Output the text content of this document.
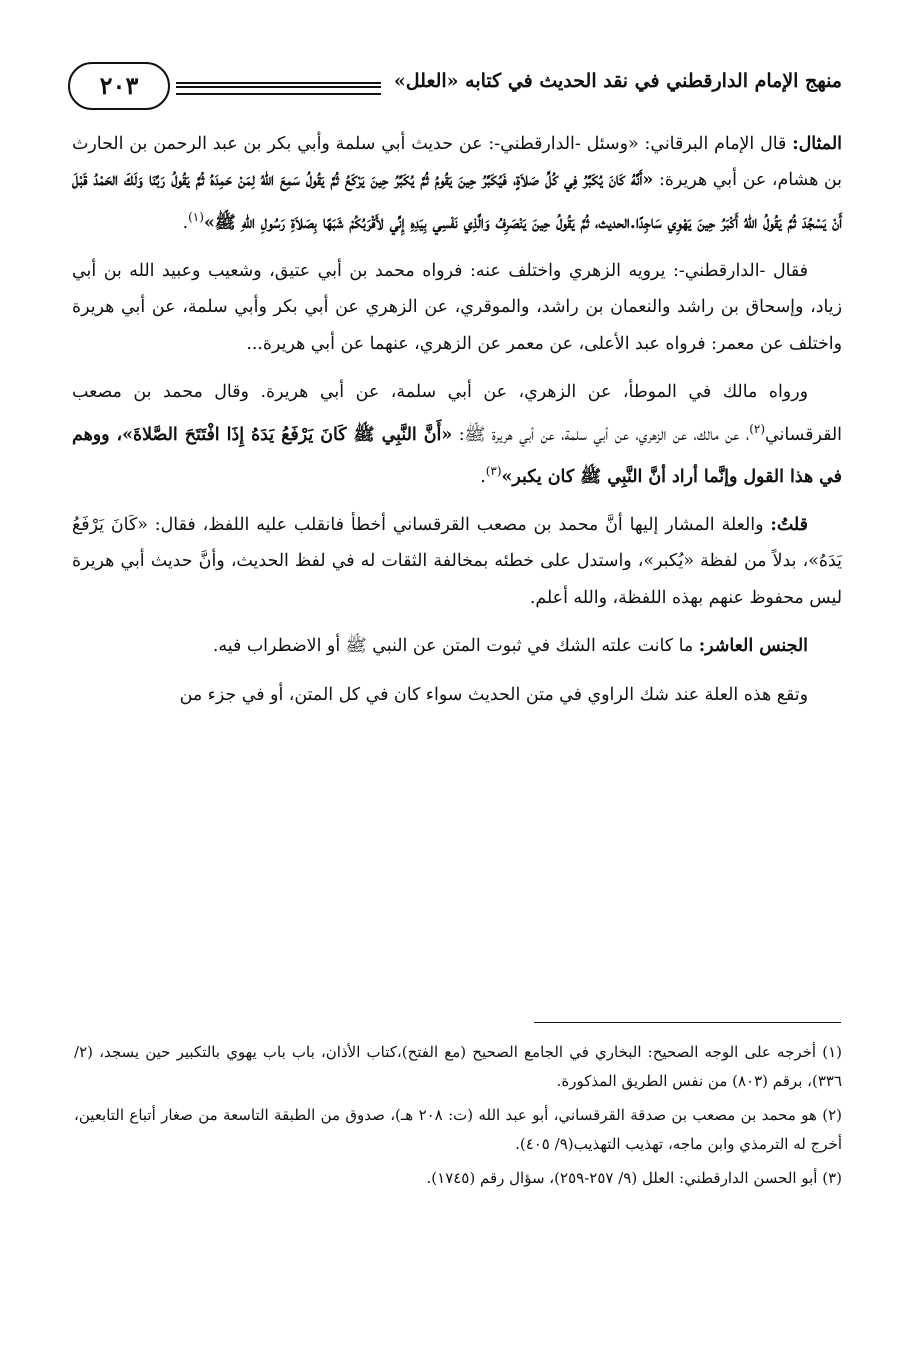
منهج الإمام الدارقطني في نقد الحديث في كتابه «العلل»
٢٠٣

المثال: قال الإمام البرقاني: «وسئل -الدارقطني-: عن حديث أبي سلمة وأبي بكر بن عبد الرحمن بن الحارث بن هشام، عن أبي هريرة: «أَنَّهُ كَانَ يُكَبِّرُ فِي كُلِّ صَلاَةٍ، فَيُكَبِّرُ حِينَ يَقُومُ ثُمَّ يُكَبِّرُ حِينَ يَرْكَعُ ثُمَّ يَقُولُ سَمِعَ اللهُ لِمَنْ حَمِدَهُ ثُمَّ يَقُولُ رَبَّنَا وَلَكَ الحَمْدُ قَبْلَ أَنْ يَسْجُدَ ثُمَّ يَقُولُ اللهُ أَكْبَرُ حِينَ يَهْوِي سَاجِدًا.الحديث، ثُمَّ يَقُولُ حِينَ يَنْصَرِفُ وَالَّذِي نَفْسِي بِيَدِهِ إِنِّي لأَقْرَبُكُمْ شَبَهًا بِصَلاَةِ رَسُولِ اللهِ ﷺ»$^{(١)}$.

فقال -الدارقطني-: يرويه الزهري واختلف عنه: فرواه محمد بن أبي عتيق، وشعيب وعبيد الله بن أبي زياد، وإسحاق بن راشد والنعمان بن راشد، والموقري، عن الزهري عن أبي بكر وأبي سلمة، عن أبي هريرة واختلف عن معمر: فرواه عبد الأعلى، عن معمر عن الزهري، عنهما عن أبي هريرة...

ورواه مالك في الموطأ، عن الزهري، عن أبي سلمة، عن أبي هريرة. وقال محمد بن مصعب القرقساني$^{(٢)}$، عن مالك، عن الزهري، عن أبي سلمة، عن أبي هريرة ﷺ: «أَنَّ النَّبِي ﷺ كَانَ يَرْفَعُ يَدَهُ إِذَا افْتَتَحَ الصَّلاةَ»، ووهم في هذا القول وإنَّما أراد أنَّ النَّبِي ﷺ كان يكبر»$^{(٣)}$.

قلتُ: والعلة المشار إليها أنَّ محمد بن مصعب القرقساني أخطأ فانقلب عليه اللفظ، فقال: «كَانَ يَرْفَعُ يَدَهُ»، بدلاً من لفظة «يُكبر»، واستدل على خطئه بمخالفة الثقات له في لفظ الحديث، وأنَّ حديث أبي هريرة ليس محفوظ عنهم بهذه اللفظة، والله أعلم.

الجنس العاشر: ما كانت علته الشك في ثبوت المتن عن النبي ﷺ أو الاضطراب فيه.

وتقع هذه العلة عند شك الراوي في متن الحديث سواء كان في كل المتن، أو في جزء من

(١) أخرجه على الوجه الصحيح: البخاري في الجامع الصحيح (مع الفتح)،كتاب الأذان، باب باب يهوي بالتكبير حين يسجد، (٢/ ٣٣٦)، برقم (٨٠٣) من نفس الطريق المذكورة.

(٢) هو محمد بن مصعب بن صدقة القرقساني، أبو عبد الله (ت: ٢٠٨ هـ)، صدوق من الطبقة التاسعة من صغار أتباع التابعين، أخرج له الترمذي وابن ماجه، تهذيب التهذيب(٩/ ٤٠٥).

(٣) أبو الحسن الدارقطني: العلل (٩/ ٢٥٧-٢٥٩)، سؤال رقم (١٧٤٥).
